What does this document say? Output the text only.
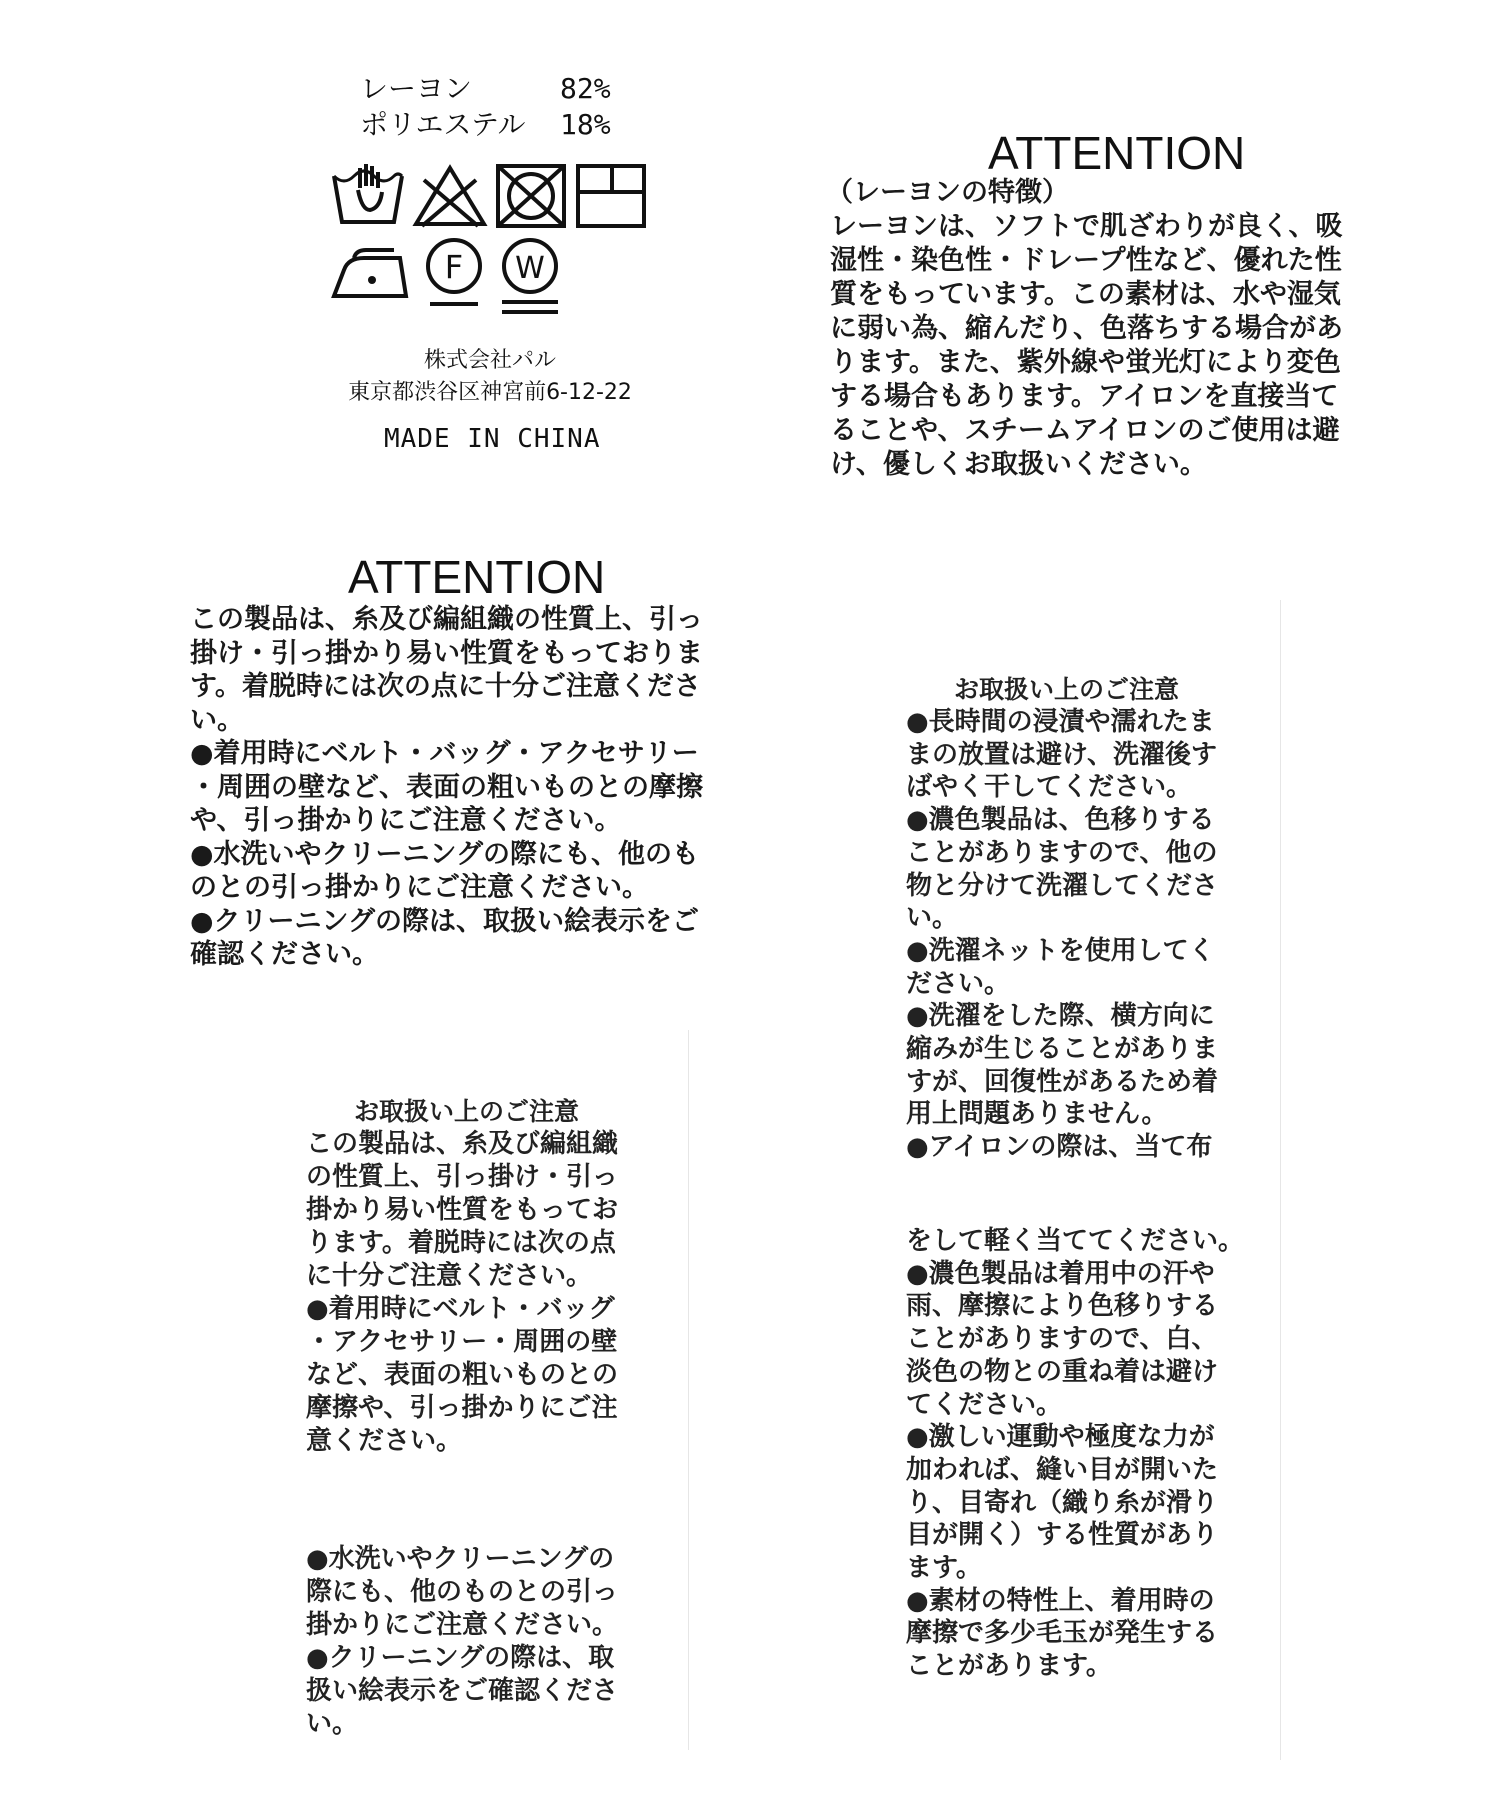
レーヨン	82%
ポリエステル	18%
F W
株式会社パル
東京都渋谷区神宮前6-12-22
MADE IN CHINA
ATTENTION
（レーヨンの特徴）
レーヨンは、ソフトで肌ざわりが良く、吸
湿性・染色性・ドレープ性など、優れた性
質をもっています。この素材は、水や湿気
に弱い為、縮んだり、色落ちする場合があ
ります。また、紫外線や蛍光灯により変色
する場合もあります。アイロンを直接当て
ることや、スチームアイロンのご使用は避
け、優しくお取扱いください。
ATTENTION
この製品は、糸及び編組織の性質上、引っ
掛け・引っ掛かり易い性質をもっておりま
す。着脱時には次の点に十分ご注意くださ
い。
●着用時にベルト・バッグ・アクセサリー
・周囲の壁など、表面の粗いものとの摩擦
や、引っ掛かりにご注意ください。
●水洗いやクリーニングの際にも、他のも
のとの引っ掛かりにご注意ください。
●クリーニングの際は、取扱い絵表示をご
確認ください。
お取扱い上のご注意
この製品は、糸及び編組織
の性質上、引っ掛け・引っ
掛かり易い性質をもってお
ります。着脱時には次の点
に十分ご注意ください。
●着用時にベルト・バッグ
・アクセサリー・周囲の壁
など、表面の粗いものとの
摩擦や、引っ掛かりにご注
意ください。
●水洗いやクリーニングの
際にも、他のものとの引っ
掛かりにご注意ください。
●クリーニングの際は、取
扱い絵表示をご確認くださ
い。
お取扱い上のご注意
●長時間の浸漬や濡れたま
まの放置は避け、洗濯後す
ばやく干してください。
●濃色製品は、色移りする
ことがありますので、他の
物と分けて洗濯してくださ
い。
●洗濯ネットを使用してく
ださい。
●洗濯をした際、横方向に
縮みが生じることがありま
すが、回復性があるため着
用上問題ありません。
●アイロンの際は、当て布
をして軽く当ててください。
●濃色製品は着用中の汗や
雨、摩擦により色移りする
ことがありますので、白、
淡色の物との重ね着は避け
てください。
●激しい運動や極度な力が
加われば、縫い目が開いた
り、目寄れ（織り糸が滑り
目が開く）する性質があり
ます。
●素材の特性上、着用時の
摩擦で多少毛玉が発生する
ことがあります。
